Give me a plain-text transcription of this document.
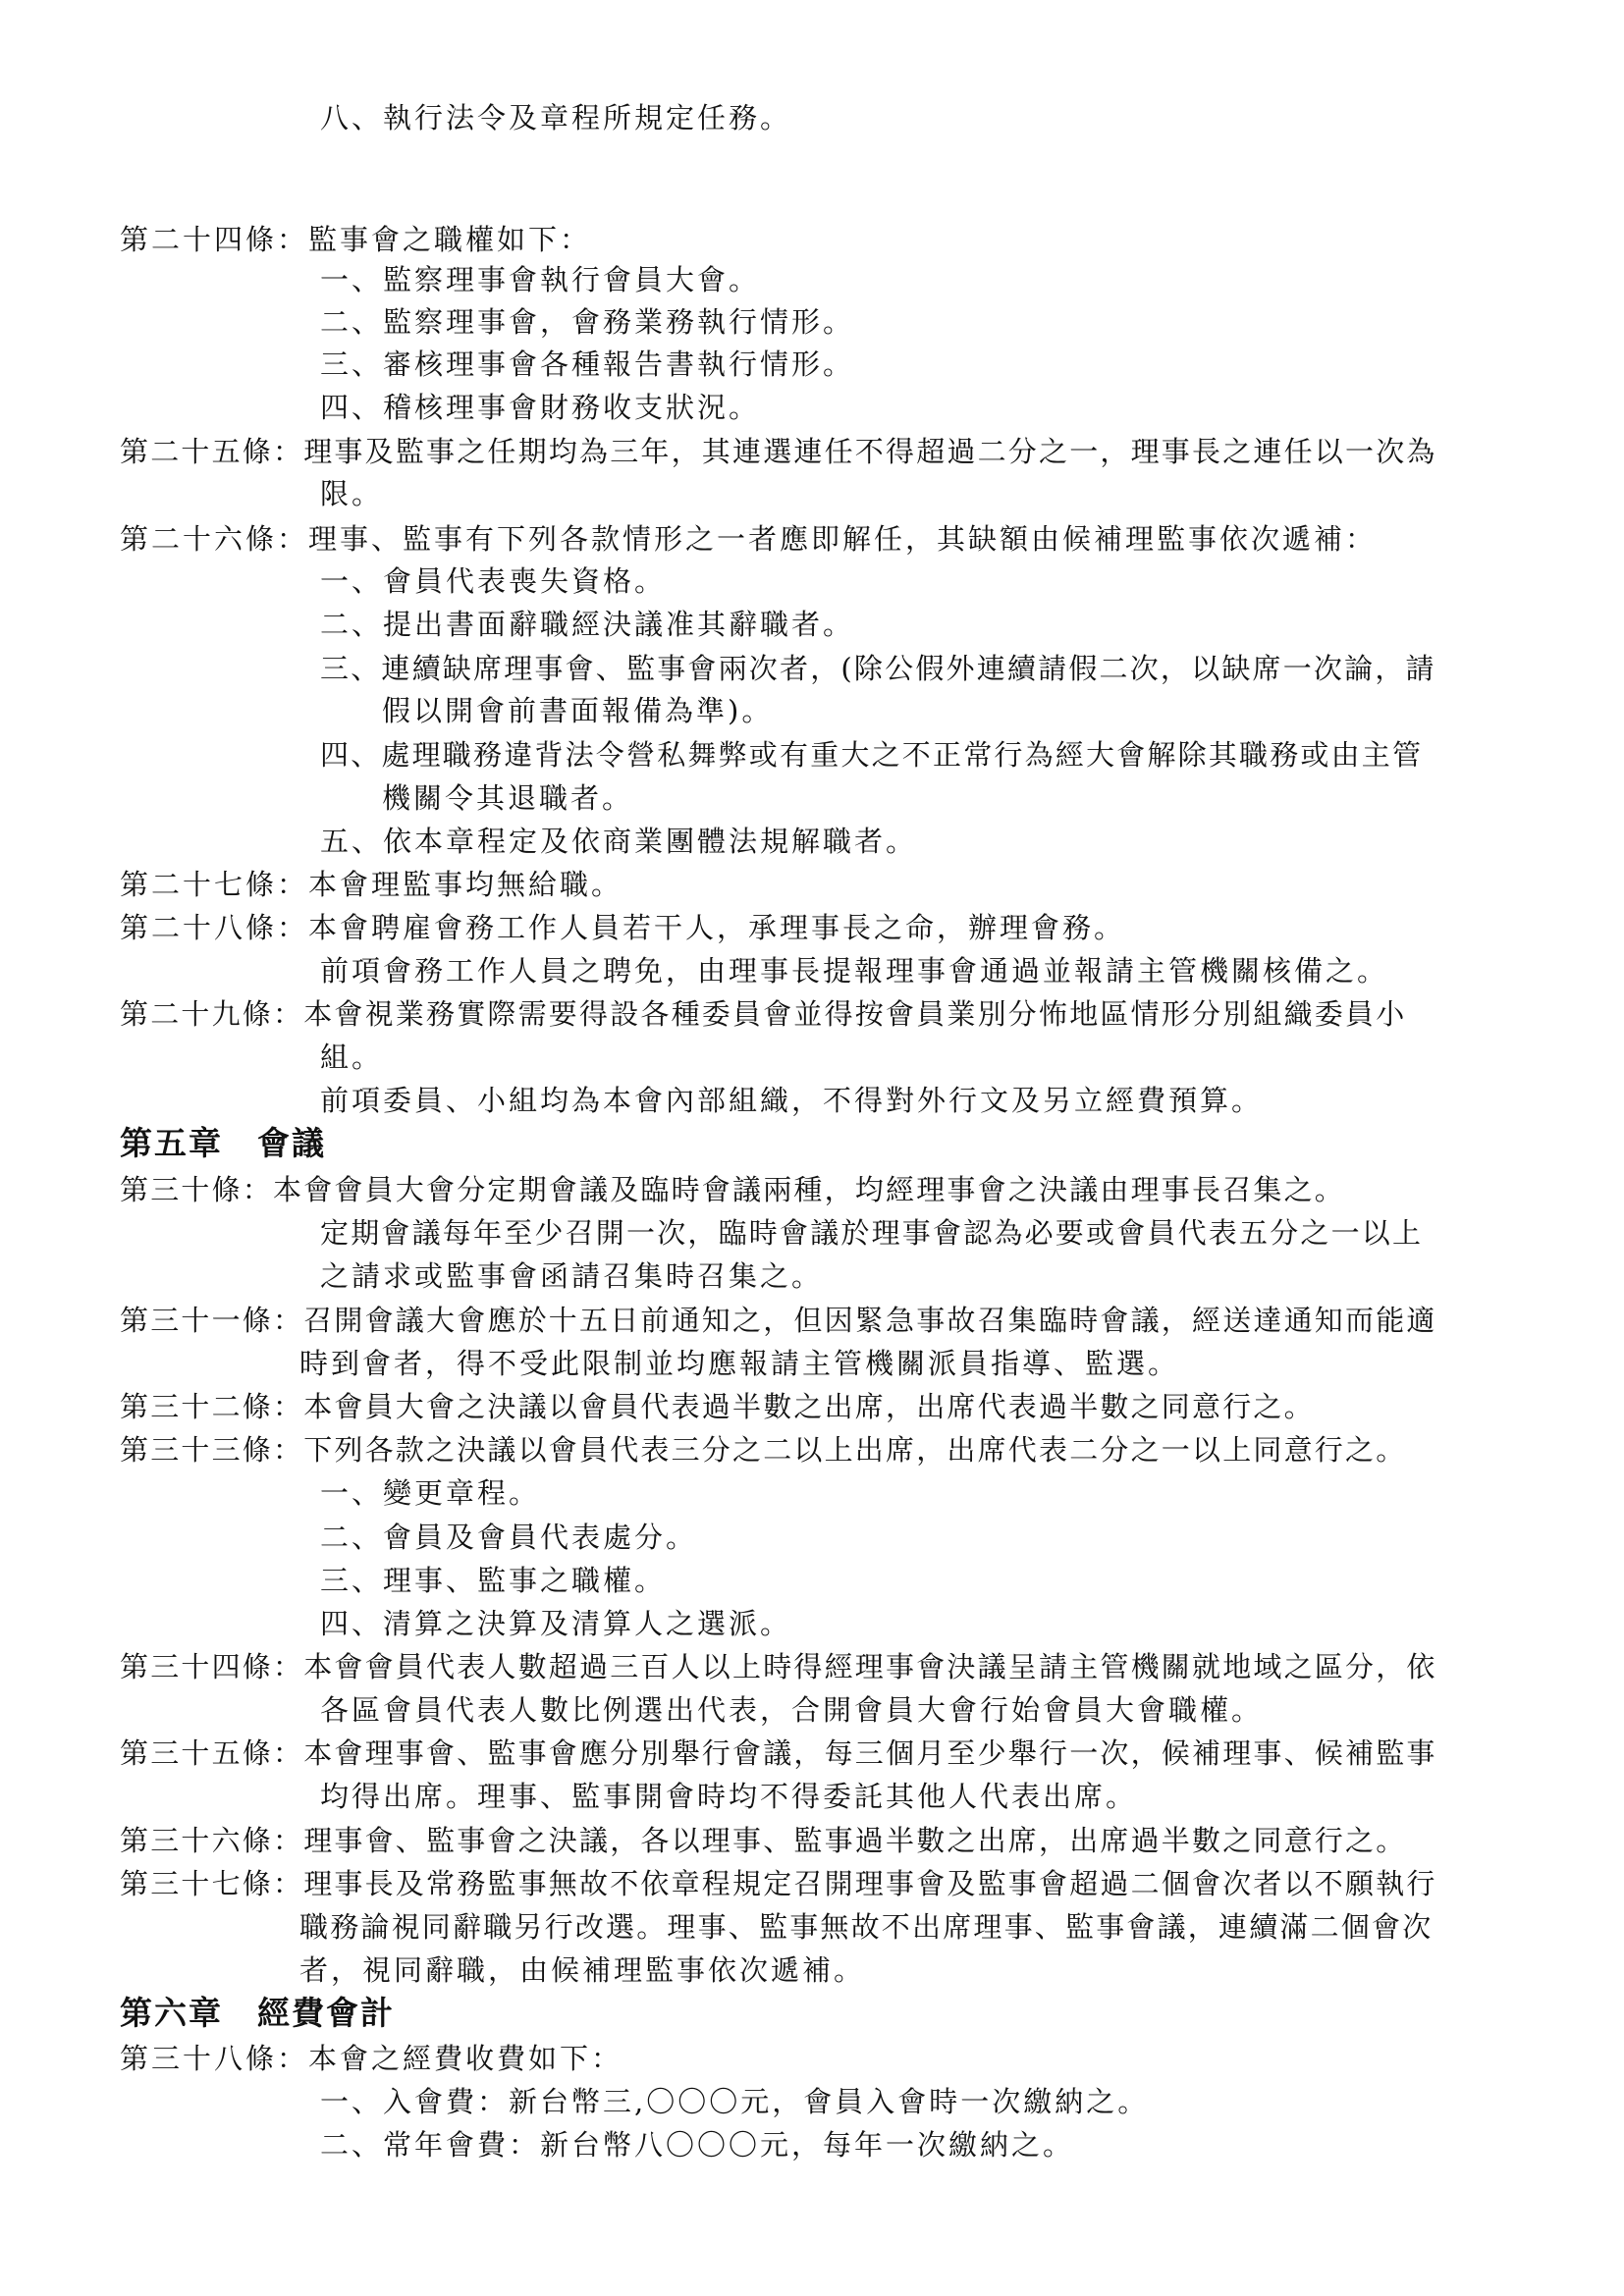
八、執行法令及章程所規定任務。
第二十四條：監事會之職權如下：
一、監察理事會執行會員大會。
二、監察理事會，會務業務執行情形。
三、審核理事會各種報告書執行情形。
四、稽核理事會財務收支狀況。
第二十五條：理事及監事之任期均為三年，其連選連任不得超過二分之一，理事長之連任以一次為
限。
第二十六條：理事、監事有下列各款情形之一者應即解任，其缺額由候補理監事依次遞補：
一、會員代表喪失資格。
二、提出書面辭職經決議准其辭職者。
三、連續缺席理事會、監事會兩次者，(除公假外連續請假二次，以缺席一次論，請
假以開會前書面報備為準)。
四、處理職務違背法令營私舞弊或有重大之不正常行為經大會解除其職務或由主管
機關令其退職者。
五、依本章程定及依商業團體法規解職者。
第二十七條：本會理監事均無給職。
第二十八條：本會聘雇會務工作人員若干人，承理事長之命，辦理會務。
前項會務工作人員之聘免，由理事長提報理事會通過並報請主管機關核備之。
第二十九條：本會視業務實際需要得設各種委員會並得按會員業別分怖地區情形分別組織委員小
組。
前項委員、小組均為本會內部組織，不得對外行文及另立經費預算。
第五章　會議
第三十條：本會會員大會分定期會議及臨時會議兩種，均經理事會之決議由理事長召集之。
定期會議每年至少召開一次，臨時會議於理事會認為必要或會員代表五分之一以上
之請求或監事會函請召集時召集之。
第三十一條：召開會議大會應於十五日前通知之，但因緊急事故召集臨時會議，經送達通知而能適
時到會者，得不受此限制並均應報請主管機關派員指導、監選。
第三十二條：本會員大會之決議以會員代表過半數之出席，出席代表過半數之同意行之。
第三十三條：下列各款之決議以會員代表三分之二以上出席，出席代表二分之一以上同意行之。
一、變更章程。
二、會員及會員代表處分。
三、理事、監事之職權。
四、清算之決算及清算人之選派。
第三十四條：本會會員代表人數超過三百人以上時得經理事會決議呈請主管機關就地域之區分，依
各區會員代表人數比例選出代表，合開會員大會行始會員大會職權。
第三十五條：本會理事會、監事會應分別舉行會議，每三個月至少舉行一次，候補理事、候補監事
均得出席。理事、監事開會時均不得委託其他人代表出席。
第三十六條：理事會、監事會之決議，各以理事、監事過半數之出席，出席過半數之同意行之。
第三十七條：理事長及常務監事無故不依章程規定召開理事會及監事會超過二個會次者以不願執行
職務論視同辭職另行改選。理事、監事無故不出席理事、監事會議，連續滿二個會次
者，視同辭職，由候補理監事依次遞補。
第六章　經費會計
第三十八條：本會之經費收費如下：
一、入會費：新台幣三,〇〇〇元，會員入會時一次繳納之。
二、常年會費：新台幣八〇〇〇元，每年一次繳納之。
